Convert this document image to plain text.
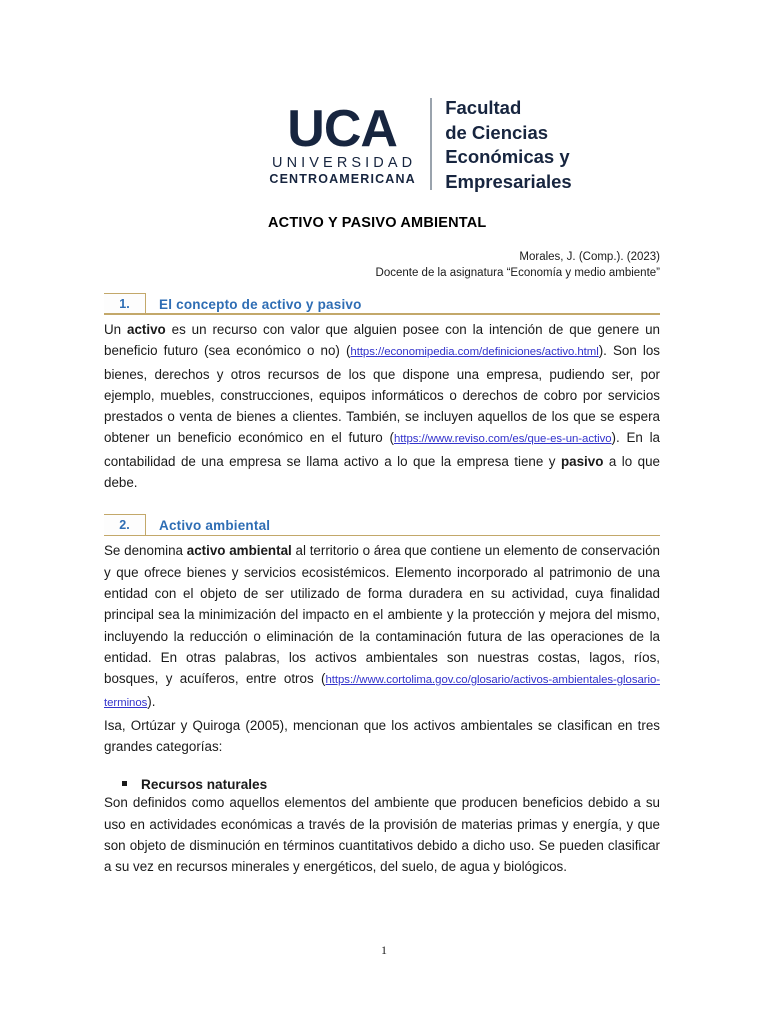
UCA
UNIVERSIDAD
CENTROAMERICANA
Facultad
de Ciencias
Económicas y
Empresariales
ACTIVO Y PASIVO AMBIENTAL
Morales, J. (Comp.). (2023)
Docente de la asignatura “Economía y medio ambiente”
1.	El concepto de activo y pasivo

Un activo es un recurso con valor que alguien posee con la intención de que genere un beneficio futuro (sea económico o no) (https://economipedia.com/definiciones/activo.html). Son los bienes, derechos y otros recursos de los que dispone una empresa, pudiendo ser, por ejemplo, muebles, construcciones, equipos informáticos o derechos de cobro por servicios prestados o venta de bienes a clientes. También, se incluyen aquellos de los que se espera obtener un beneficio económico en el futuro (https://www.reviso.com/es/que-es-un-activo). En la contabilidad de una empresa se llama activo a lo que la empresa tiene y pasivo a lo que debe.

2.	Activo ambiental

Se denomina activo ambiental al territorio o área que contiene un elemento de conservación y que ofrece bienes y servicios ecosistémicos. Elemento incorporado al patrimonio de una entidad con el objeto de ser utilizado de forma duradera en su actividad, cuya finalidad principal sea la minimización del impacto en el ambiente y la protección y mejora del mismo, incluyendo la reducción o eliminación de la contaminación futura de las operaciones de la entidad. En otras palabras, los activos ambientales son nuestras costas, lagos, ríos, bosques, y acuíferos, entre otros (https://www.cortolima.gov.co/glosario/activos-ambientales-glosario-terminos).

Isa, Ortúzar y Quiroga (2005), mencionan que los activos ambientales se clasifican en tres grandes categorías:

Recursos naturales

Son definidos como aquellos elementos del ambiente que producen beneficios debido a su uso en actividades económicas a través de la provisión de materias primas y energía, y que son objeto de disminución en términos cuantitativos debido a dicho uso. Se pueden clasificar a su vez en recursos minerales y energéticos, del suelo, de agua y biológicos.

1
